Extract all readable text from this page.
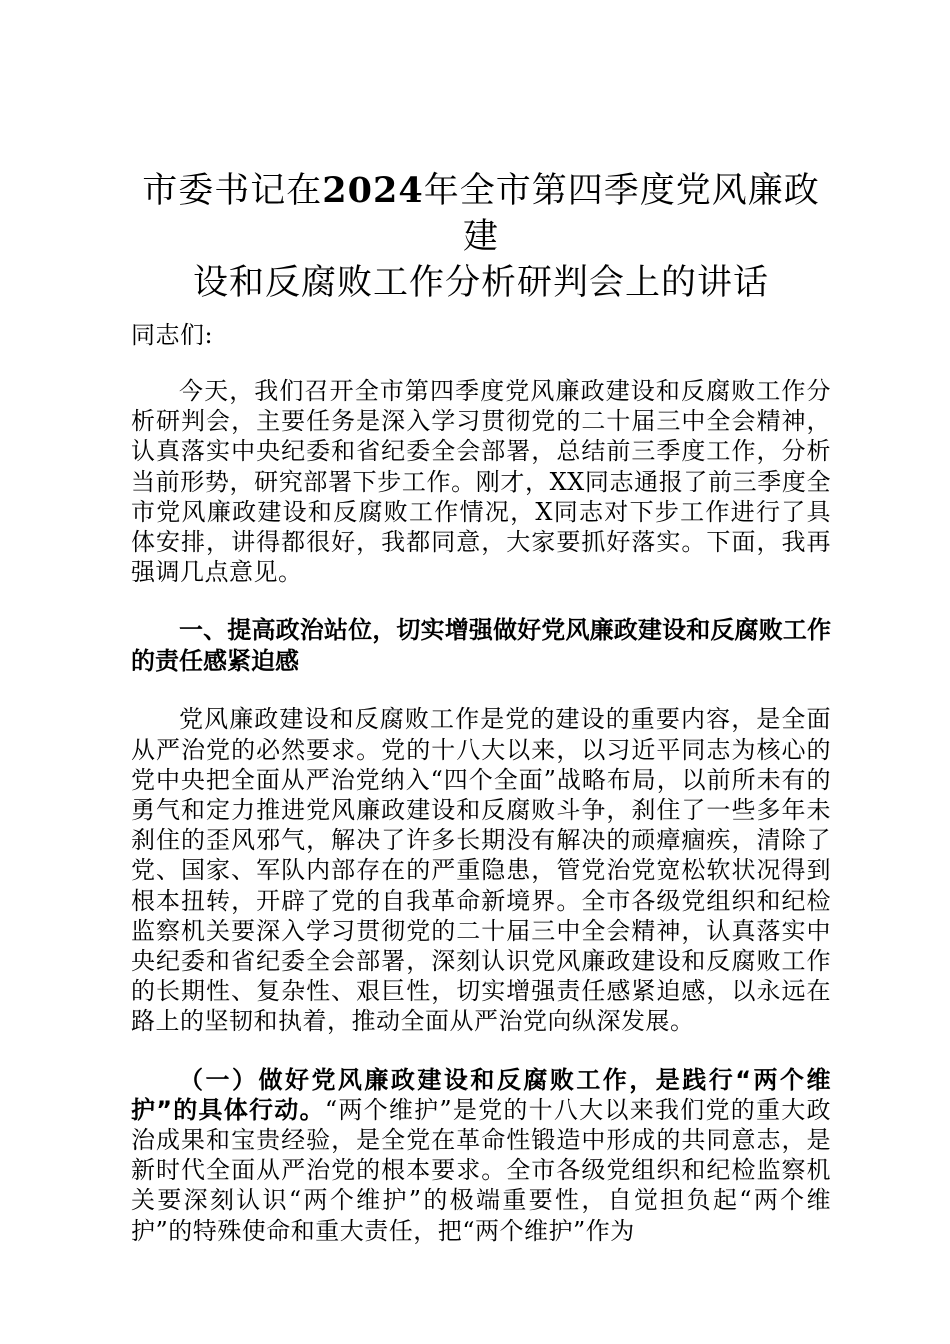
市委书记在2024年全市第四季度党风廉政建
设和反腐败工作分析研判会上的讲话

同志们:

今天，我们召开全市第四季度党风廉政建设和反腐败工作分析研判会，主要任务是深入学习贯彻党的二十届三中全会精神，认真落实中央纪委和省纪委全会部署，总结前三季度工作，分析当前形势，研究部署下步工作。刚才，XX同志通报了前三季度全市党风廉政建设和反腐败工作情况，X同志对下步工作进行了具体安排，讲得都很好，我都同意，大家要抓好落实。下面，我再强调几点意见。

一、提高政治站位，切实增强做好党风廉政建设和反腐败工作的责任感紧迫感

党风廉政建设和反腐败工作是党的建设的重要内容，是全面从严治党的必然要求。党的十八大以来，以习近平同志为核心的党中央把全面从严治党纳入“四个全面”战略布局，以前所未有的勇气和定力推进党风廉政建设和反腐败斗争，刹住了一些多年未刹住的歪风邪气，解决了许多长期没有解决的顽瘴痼疾，清除了党、国家、军队内部存在的严重隐患，管党治党宽松软状况得到根本扭转，开辟了党的自我革命新境界。全市各级党组织和纪检监察机关要深入学习贯彻党的二十届三中全会精神，认真落实中央纪委和省纪委全会部署，深刻认识党风廉政建设和反腐败工作的长期性、复杂性、艰巨性，切实增强责任感紧迫感，以永远在路上的坚韧和执着，推动全面从严治党向纵深发展。

（一）做好党风廉政建设和反腐败工作，是践行“两个维护”的具体行动。“两个维护”是党的十八大以来我们党的重大政治成果和宝贵经验，是全党在革命性锻造中形成的共同意志，是新时代全面从严治党的根本要求。全市各级党组织和纪检监察机关要深刻认识“两个维护”的极端重要性，自觉担负起“两个维护”的特殊使命和重大责任，把“两个维护”作为
